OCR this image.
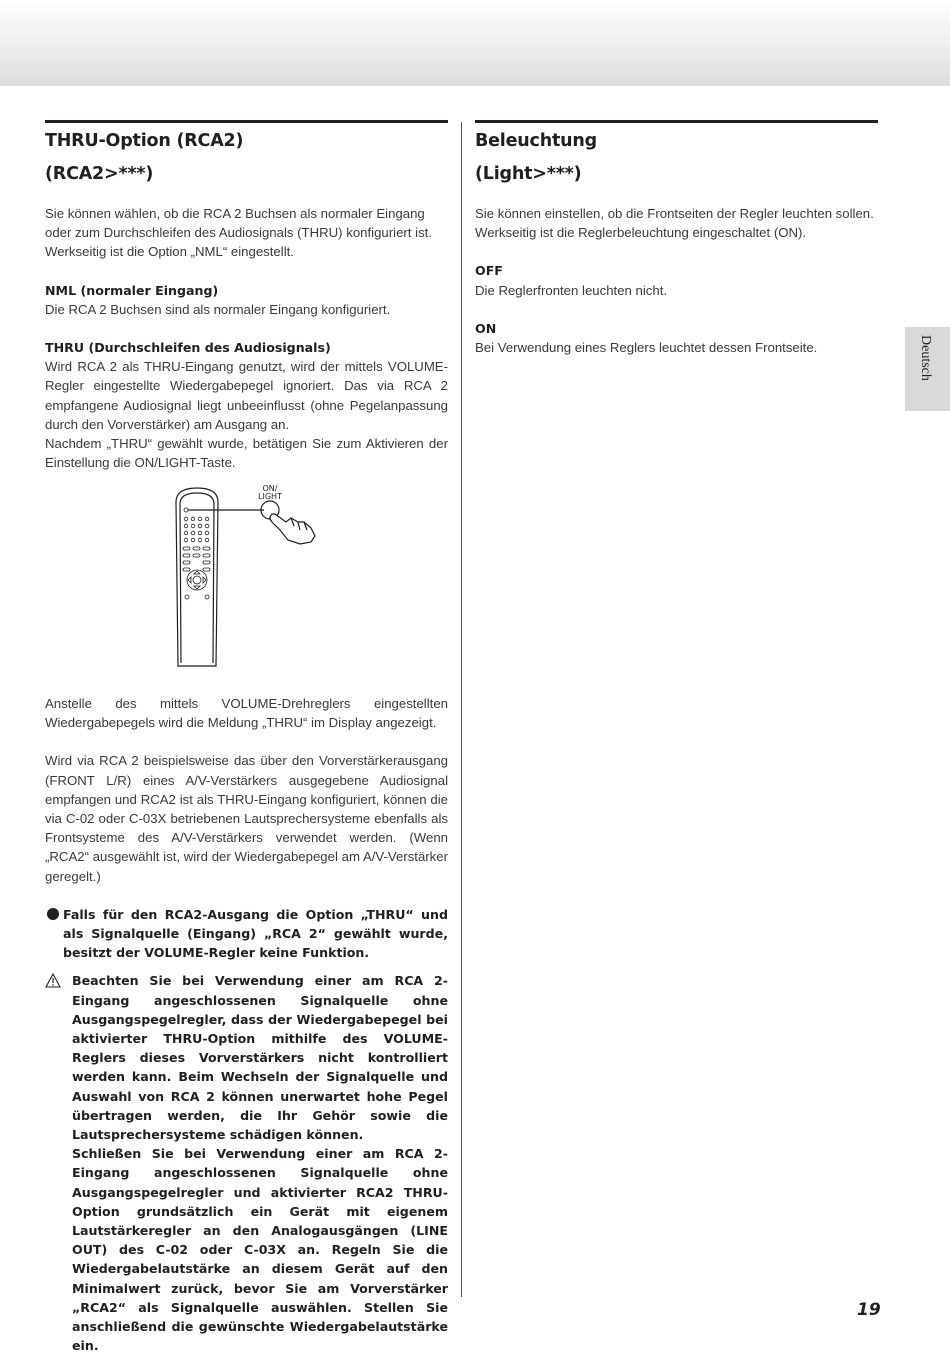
THRU-Option (RCA2)
(RCA2>***)

Sie können wählen, ob die RCA 2 Buchsen als normaler Eingang oder zum Durchschleifen des Audiosignals (THRU) konfiguriert ist. Werkseitig ist die Option „NML“ eingestellt.

NML (normaler Eingang)

Die RCA 2 Buchsen sind als normaler Eingang konfiguriert.

THRU (Durchschleifen des Audiosignals)

Wird RCA 2 als THRU-Eingang genutzt, wird der mittels VOLUME-Regler eingestellte Wiedergabepegel ignoriert. Das via RCA 2 empfangene Audiosignal liegt unbeeinflusst (ohne Pegelanpassung durch den Vorverstärker) am Ausgang an.

Nachdem „THRU“ gewählt wurde, betätigen Sie zum Aktivieren der Einstellung die ON/LIGHT-Taste.

ON/
LIGHT

Anstelle des mittels VOLUME-Drehreglers eingestellten Wiedergabepegels wird die Meldung „THRU“ im Display angezeigt.

Wird via RCA 2 beispielsweise das über den Vorverstärkerausgang (FRONT L/R) eines A/V-Verstärkers ausgegebene Audiosignal empfangen und RCA2 ist als THRU-Eingang konfiguriert, können die via C-02 oder C-03X betriebenen Lautsprechersysteme ebenfalls als Frontsysteme des A/V-Verstärkers verwendet werden. (Wenn „RCA2“ ausgewählt ist, wird der Wiedergabepegel am A/V-Verstärker geregelt.)

Falls für den RCA2-Ausgang die Option „THRU“ und als Signalquelle (Eingang) „RCA 2“ gewählt wurde, besitzt der VOLUME-Regler keine Funktion.
Beachten Sie bei Verwendung einer am RCA 2-Eingang angeschlossenen Signalquelle ohne Ausgangspegelregler, dass der Wiedergabepegel bei aktivierter THRU-Option mithilfe des VOLUME-Reglers dieses Vorverstärkers nicht kontrolliert werden kann. Beim Wechseln der Signalquelle und Auswahl von RCA 2 können unerwartet hohe Pegel übertragen werden, die Ihr Gehör sowie die Lautsprechersysteme schädigen können.
Schließen Sie bei Verwendung einer am RCA 2-Eingang angeschlossenen Signalquelle ohne Ausgangspegelregler und aktivierter RCA2 THRU-Option grundsätzlich ein Gerät mit eigenem Lautstärkeregler an den Analogausgängen (LINE OUT) des C-02 oder C-03X an. Regeln Sie die Wiedergabelautstärke an diesem Gerät auf den Minimalwert zurück, bevor Sie am Vorverstärker „RCA2“ als Signalquelle auswählen. Stellen Sie anschließend die gewünschte Wiedergabelautstärke ein.
Beleuchtung
(Light>***)

Sie können einstellen, ob die Frontseiten der Regler leuchten sollen. Werkseitig ist die Reglerbeleuchtung eingeschaltet (ON).

OFF

Die Reglerfronten leuchten nicht.

ON

Bei Verwendung eines Reglers leuchtet dessen Frontseite.	Deutsch
19
